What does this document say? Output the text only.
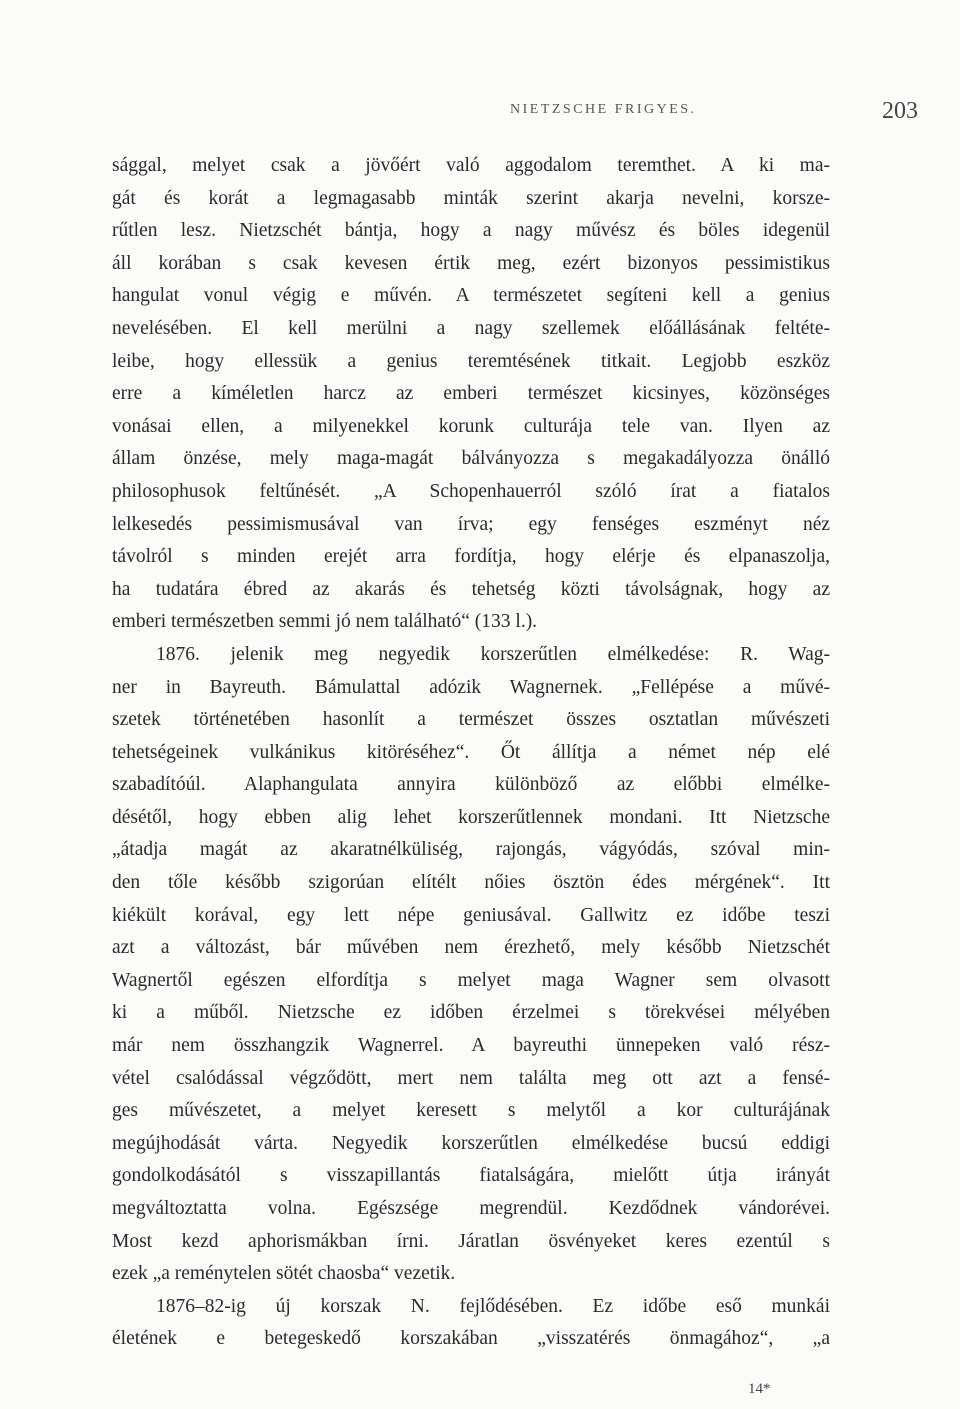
NIETZSCHE FRIGYES.	203
sággal, melyet csak a jövőért való aggodalom teremthet. A ki ma-
gát és korát a legmagasabb minták szerint akarja nevelni, korsze-
rűtlen lesz. Nietzschét bántja, hogy a nagy művész és böles idegenül
áll korában s csak kevesen értik meg, ezért bizonyos pessimistikus
hangulat vonul végig e művén. A természetet segíteni kell a genius
nevelésében. El kell merülni a nagy szellemek előállásának feltéte-
leibe, hogy ellessük a genius teremtésének titkait. Legjobb eszköz
erre a kíméletlen harcz az emberi természet kicsinyes, közönséges
vonásai ellen, a milyenekkel korunk culturája tele van. Ilyen az
állam önzése, mely maga-magát bálványozza s megakadályozza önálló
philosophusok feltűnését. „A Schopenhauerról szóló írat a fiatalos
lelkesedés pessimismusával van írva; egy fenséges eszményt néz
távolról s minden erejét arra fordítja, hogy elérje és elpanaszolja,
ha tudatára ébred az akarás és tehetség közti távolságnak, hogy az
emberi természetben semmi jó nem található“ (133 l.).
1876. jelenik meg negyedik korszerűtlen elmélkedése: R. Wag-
ner in Bayreuth. Bámulattal adózik Wagnernek. „Fellépése a művé-
szetek történetében hasonlít a természet összes osztatlan művészeti
tehetségeinek vulkánikus kitöréséhez“. Őt állítja a német nép elé
szabadítóúl. Alaphangulata annyira különböző az előbbi elmélke-
désétől, hogy ebben alig lehet korszerűtlennek mondani. Itt Nietzsche
„átadja magát az akaratnélküliség, rajongás, vágyódás, szóval min-
den tőle később szigorúan elítélt nőies ösztön édes mérgének“. Itt
kiékült korával, egy lett népe geniusával. Gallwitz ez időbe teszi
azt a változást, bár művében nem érezhető, mely később Nietzschét
Wagnertől egészen elfordítja s melyet maga Wagner sem olvasott
ki a műből. Nietzsche ez időben érzelmei s törekvései mélyében
már nem összhangzik Wagnerrel. A bayreuthi ünnepeken való rész-
vétel csalódással végződött, mert nem találta meg ott azt a fensé-
ges művészetet, a melyet keresett s melytől a kor culturájának
megújhodását várta. Negyedik korszerűtlen elmélkedése bucsú eddigi
gondolkodásától s visszapillantás fiatalságára, mielőtt útja irányát
megváltoztatta volna. Egészsége megrendül. Kezdődnek vándorévei.
Most kezd aphorismákban írni. Járatlan ösvényeket keres ezentúl s
ezek „a reménytelen sötét chaosba“ vezetik.
1876–82-ig új korszak N. fejlődésében. Ez időbe eső munkái
életének e betegeskedő korszakában „visszatérés önmagához“, „a
14*
